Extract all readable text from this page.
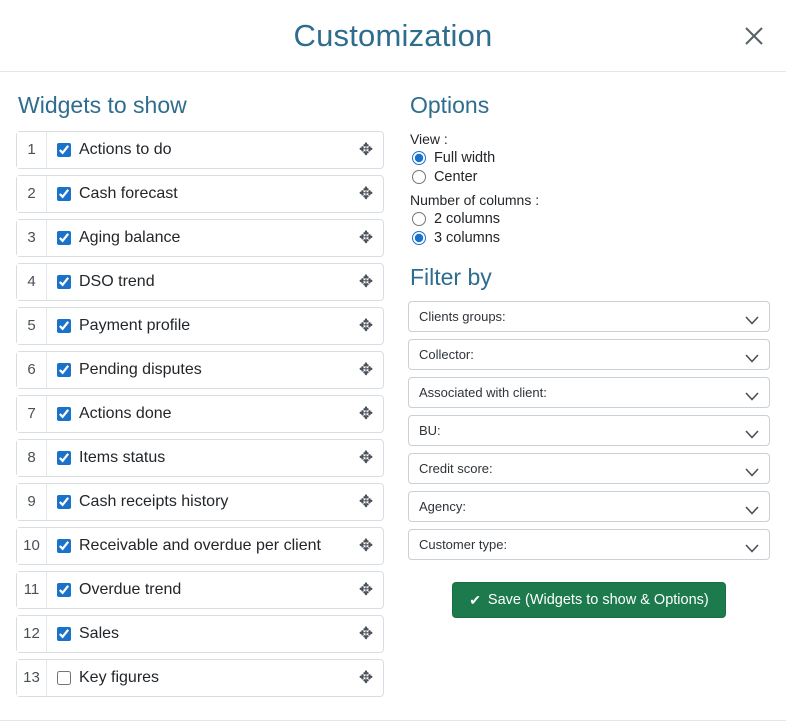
Customization
Widgets to show
1	Actions to do	✥
2	Cash forecast	✥
3	Aging balance	✥
4	DSO trend	✥
5	Payment profile	✥
6	Pending disputes	✥
7	Actions done	✥
8	Items status	✥
9	Cash receipts history	✥
10	Receivable and overdue per client	✥
11	Overdue trend	✥
12	Sales	✥
13	Key figures	✥
Options
View :
Full width
Center
Number of columns :
2 columns
3 columns
Filter by
Clients groups:
Collector:
Associated with client:
BU:
Credit score:
Agency:
Customer type:
✔ Save (Widgets to show & Options)
